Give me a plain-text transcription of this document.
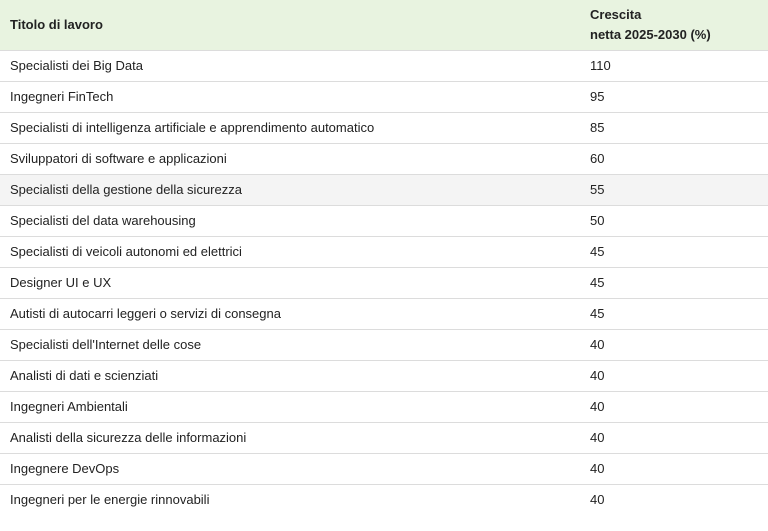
Titolo di lavoro	Crescita
netta 2025-2030 (%)

Specialisti dei Big Data	110
Ingegneri FinTech	95
Specialisti di intelligenza artificiale e apprendimento automatico	85
Sviluppatori di software e applicazioni	60
Specialisti della gestione della sicurezza	55
Specialisti del data warehousing	50
Specialisti di veicoli autonomi ed elettrici	45
Designer UI e UX	45
Autisti di autocarri leggeri o servizi di consegna	45
Specialisti dell'Internet delle cose	40
Analisti di dati e scienziati	40
Ingegneri Ambientali	40
Analisti della sicurezza delle informazioni	40
Ingegnere DevOps	40
Ingegneri per le energie rinnovabili	40
